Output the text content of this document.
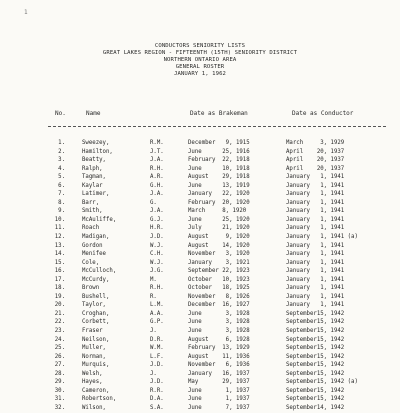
1
CONDUCTORS SENIORITY LISTS
GREAT LAKES REGION - FIFTEENTH (15TH) SENIORITY DISTRICT
NORTHERN ONTARIO AREA
GENERAL ROSTER
JANUARY 1, 1962
No.	Name	Date as Brakeman	Date as Conductor
1.	Sweezey,	R.M.	December   9, 1915	March     3, 1929
2.	Hamilton,	J.T.	June      25, 1916	April    20, 1937
3.	Beatty,	J.A.	February  22, 1918	April    20, 1937
4.	Ralph,	R.H.	June      10, 1918	April    20, 1937
5.	Tagman,	A.R.	August    29, 1918	January   1, 1941
6.	Kaylar	G.H.	June      13, 1919	January   1, 1941
7.	Latimer,	J.A.	January   22, 1920	January   1, 1941
8.	Barr,	G.	February  20, 1920	January   1, 1941
9.	Smith,	J.A.	March     8, 1920	January   1, 1941
10.	McAuliffe,	G.J.	June      25, 1920	January   1, 1941
11.	Roach	H.R.	July      21, 1920	January   1, 1941
12.	Madigan,	J.D.	August     9, 1920	January   1, 1941 (a)
13.	Gordon	W.J.	August    14, 1920	January   1, 1941
14.	Menifee	C.H.	November   3, 1920	January   1, 1941
15.	Cole,	W.J.	January    3, 1921	January   1, 1941
16.	McCulloch,	J.G.	September 22, 1923	January   1, 1941
17.	McCurdy,	M.	October   10, 1923	January   1, 1941
18.	Brown	R.H.	October   18, 1925	January   1, 1941
19.	Bushell,	R.	November   8, 1926	January   1, 1941
20.	Taylor,	L.M.	December  16, 1927	January   1, 1941
21.	Croghan,	A.A.	June       3, 1928	September15, 1942
22.	Corbett,	G.P.	June       3, 1928	September15, 1942
23.	Fraser	J.	June       3, 1928	September15, 1942
24.	Neilson,	D.R.	August     6, 1928	September15, 1942
25.	Muller,	W.M.	February  13, 1929	September15, 1942
26.	Norman,	L.F.	August    11, 1936	September15, 1942
27.	Murquis,	J.D.	November   6, 1936	September15, 1942
28.	Welsh,	J.	January   16, 1937	September15, 1942
29.	Hayes,	J.D.	May       29, 1937	September15, 1942 (a)
30.	Cameron,	R.R.	June       1, 1937	September15, 1942
31.	Robertson,	D.A.	June       1, 1937	September15, 1942
32.	Wilson,	S.A.	June       7, 1937	September14, 1942
